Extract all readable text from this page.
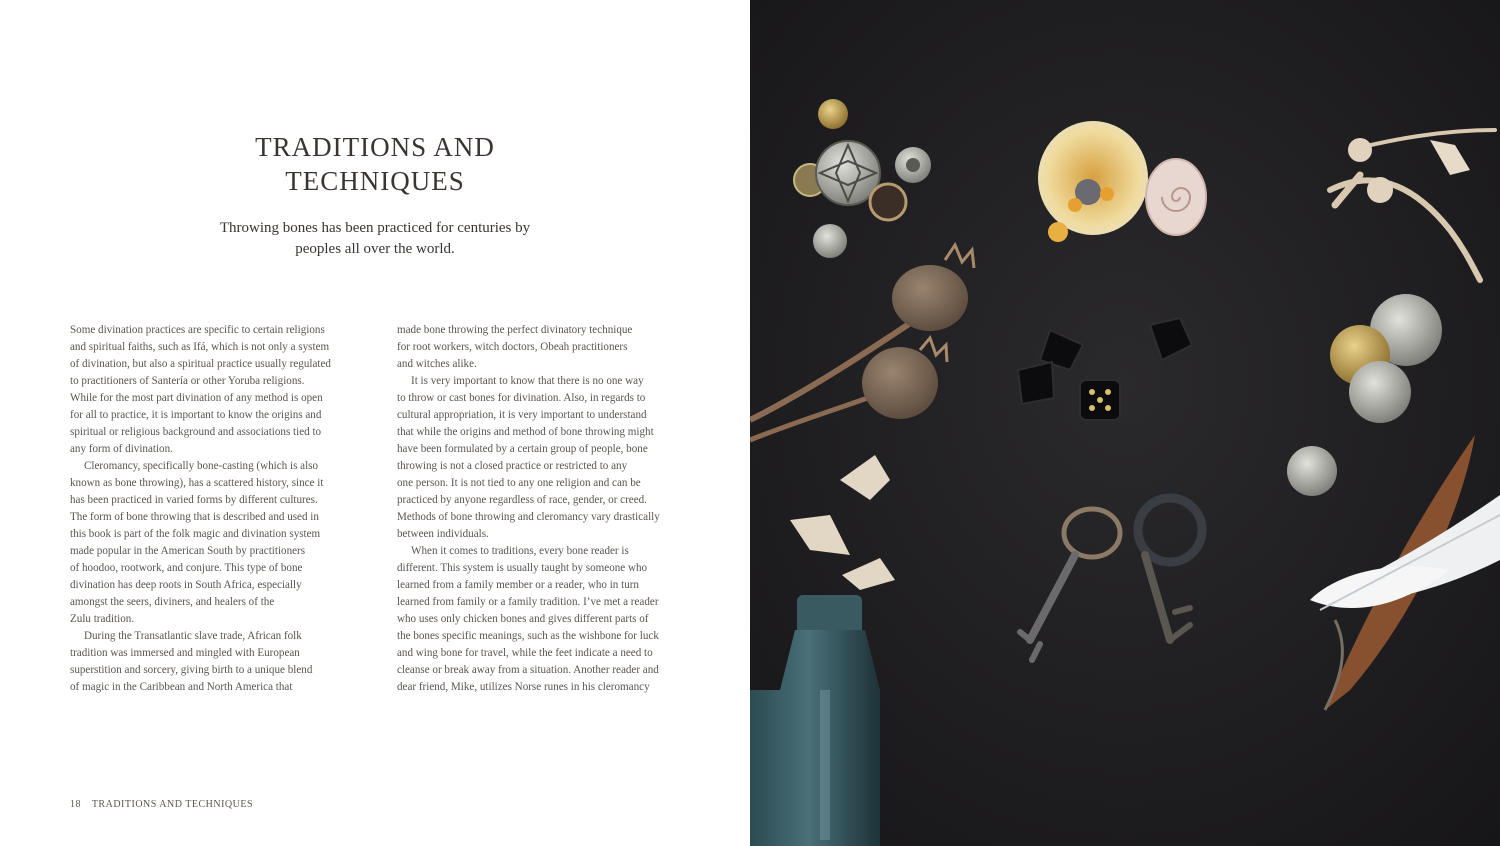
TRADITIONS AND
TECHNIQUES

Throwing bones has been practiced for centuries by
peoples all over the world.

Some divination practices are specific to certain religions
and spiritual faiths, such as Ifá, which is not only a system
of divination, but also a spiritual practice usually regulated
to practitioners of Santería or other Yoruba religions.
While for the most part divination of any method is open
for all to practice, it is important to know the origins and
spiritual or religious background and associations tied to
any form of divination.
Cleromancy, specifically bone-casting (which is also
known as bone throwing), has a scattered history, since it
has been practiced in varied forms by different cultures.
The form of bone throwing that is described and used in
this book is part of the folk magic and divination system
made popular in the American South by practitioners
of hoodoo, rootwork, and conjure. This type of bone
divination has deep roots in South Africa, especially
amongst the seers, diviners, and healers of the
Zulu tradition.
During the Transatlantic slave trade, African folk
tradition was immersed and mingled with European
superstition and sorcery, giving birth to a unique blend
of magic in the Caribbean and North America that
made bone throwing the perfect divinatory technique
for root workers, witch doctors, Obeah practitioners
and witches alike.
It is very important to know that there is no one way
to throw or cast bones for divination. Also, in regards to
cultural appropriation, it is very important to understand
that while the origins and method of bone throwing might
have been formulated by a certain group of people, bone
throwing is not a closed practice or restricted to any
one person. It is not tied to any one religion and can be
practiced by anyone regardless of race, gender, or creed.
Methods of bone throwing and cleromancy vary drastically
between individuals.
When it comes to traditions, every bone reader is
different. This system is usually taught by someone who
learned from a family member or a reader, who in turn
learned from family or a family tradition. I’ve met a reader
who uses only chicken bones and gives different parts of
the bones specific meanings, such as the wishbone for luck
and wing bone for travel, while the feet indicate a need to
cleanse or break away from a situation. Another reader and
dear friend, Mike, utilizes Norse runes in his cleromancy
18 TRADITIONS AND TECHNIQUES
